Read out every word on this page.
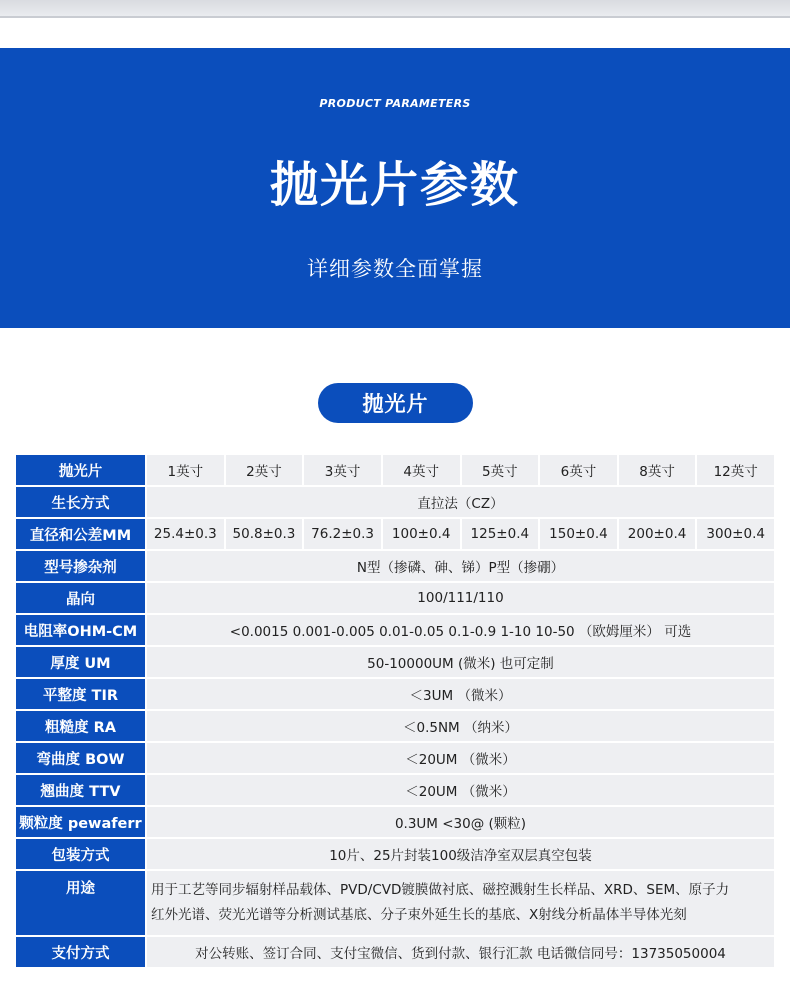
PRODUCT PARAMETERS
抛光片参数
详细参数全面掌握
抛光片
抛光片	1英寸	2英寸	3英寸	4英寸	5英寸	6英寸	8英寸	12英寸
生长方式	直拉法（CZ）							
直径和公差MM	25.4±0.3	50.8±0.3	76.2±0.3	100±0.4	125±0.4	150±0.4	200±0.4	300±0.4
型号掺杂剂	N型（掺磷、砷、锑）P型（掺硼）							
晶向	100/111/110							
电阻率OHM-CM	<0.0015 0.001-0.005 0.01-0.05 0.1-0.9 1-10 10-50 （欧姆厘米） 可选							
厚度 UM	50-10000UM (微米) 也可定制							
平整度 TIR	＜3UM （微米）							
粗糙度 RA	＜0.5NM （纳米）							
弯曲度 BOW	＜20UM （微米）							
翘曲度 TTV	＜20UM （微米）							
颗粒度 pewaferr	0.3UM <30@ (颗粒)							
包装方式	10片、25片封装100级洁净室双层真空包装							
用途	用于工艺等同步辐射样品载体、PVD/CVD镀膜做衬底、磁控溅射生长样品、XRD、SEM、原子力
红外光谱、荧光光谱等分析测试基底、分子束外延生长的基底、X射线分析晶体半导体光刻							

支付方式	对公转账、签订合同、支付宝微信、货到付款、银行汇款 电话微信同号：13735050004							
